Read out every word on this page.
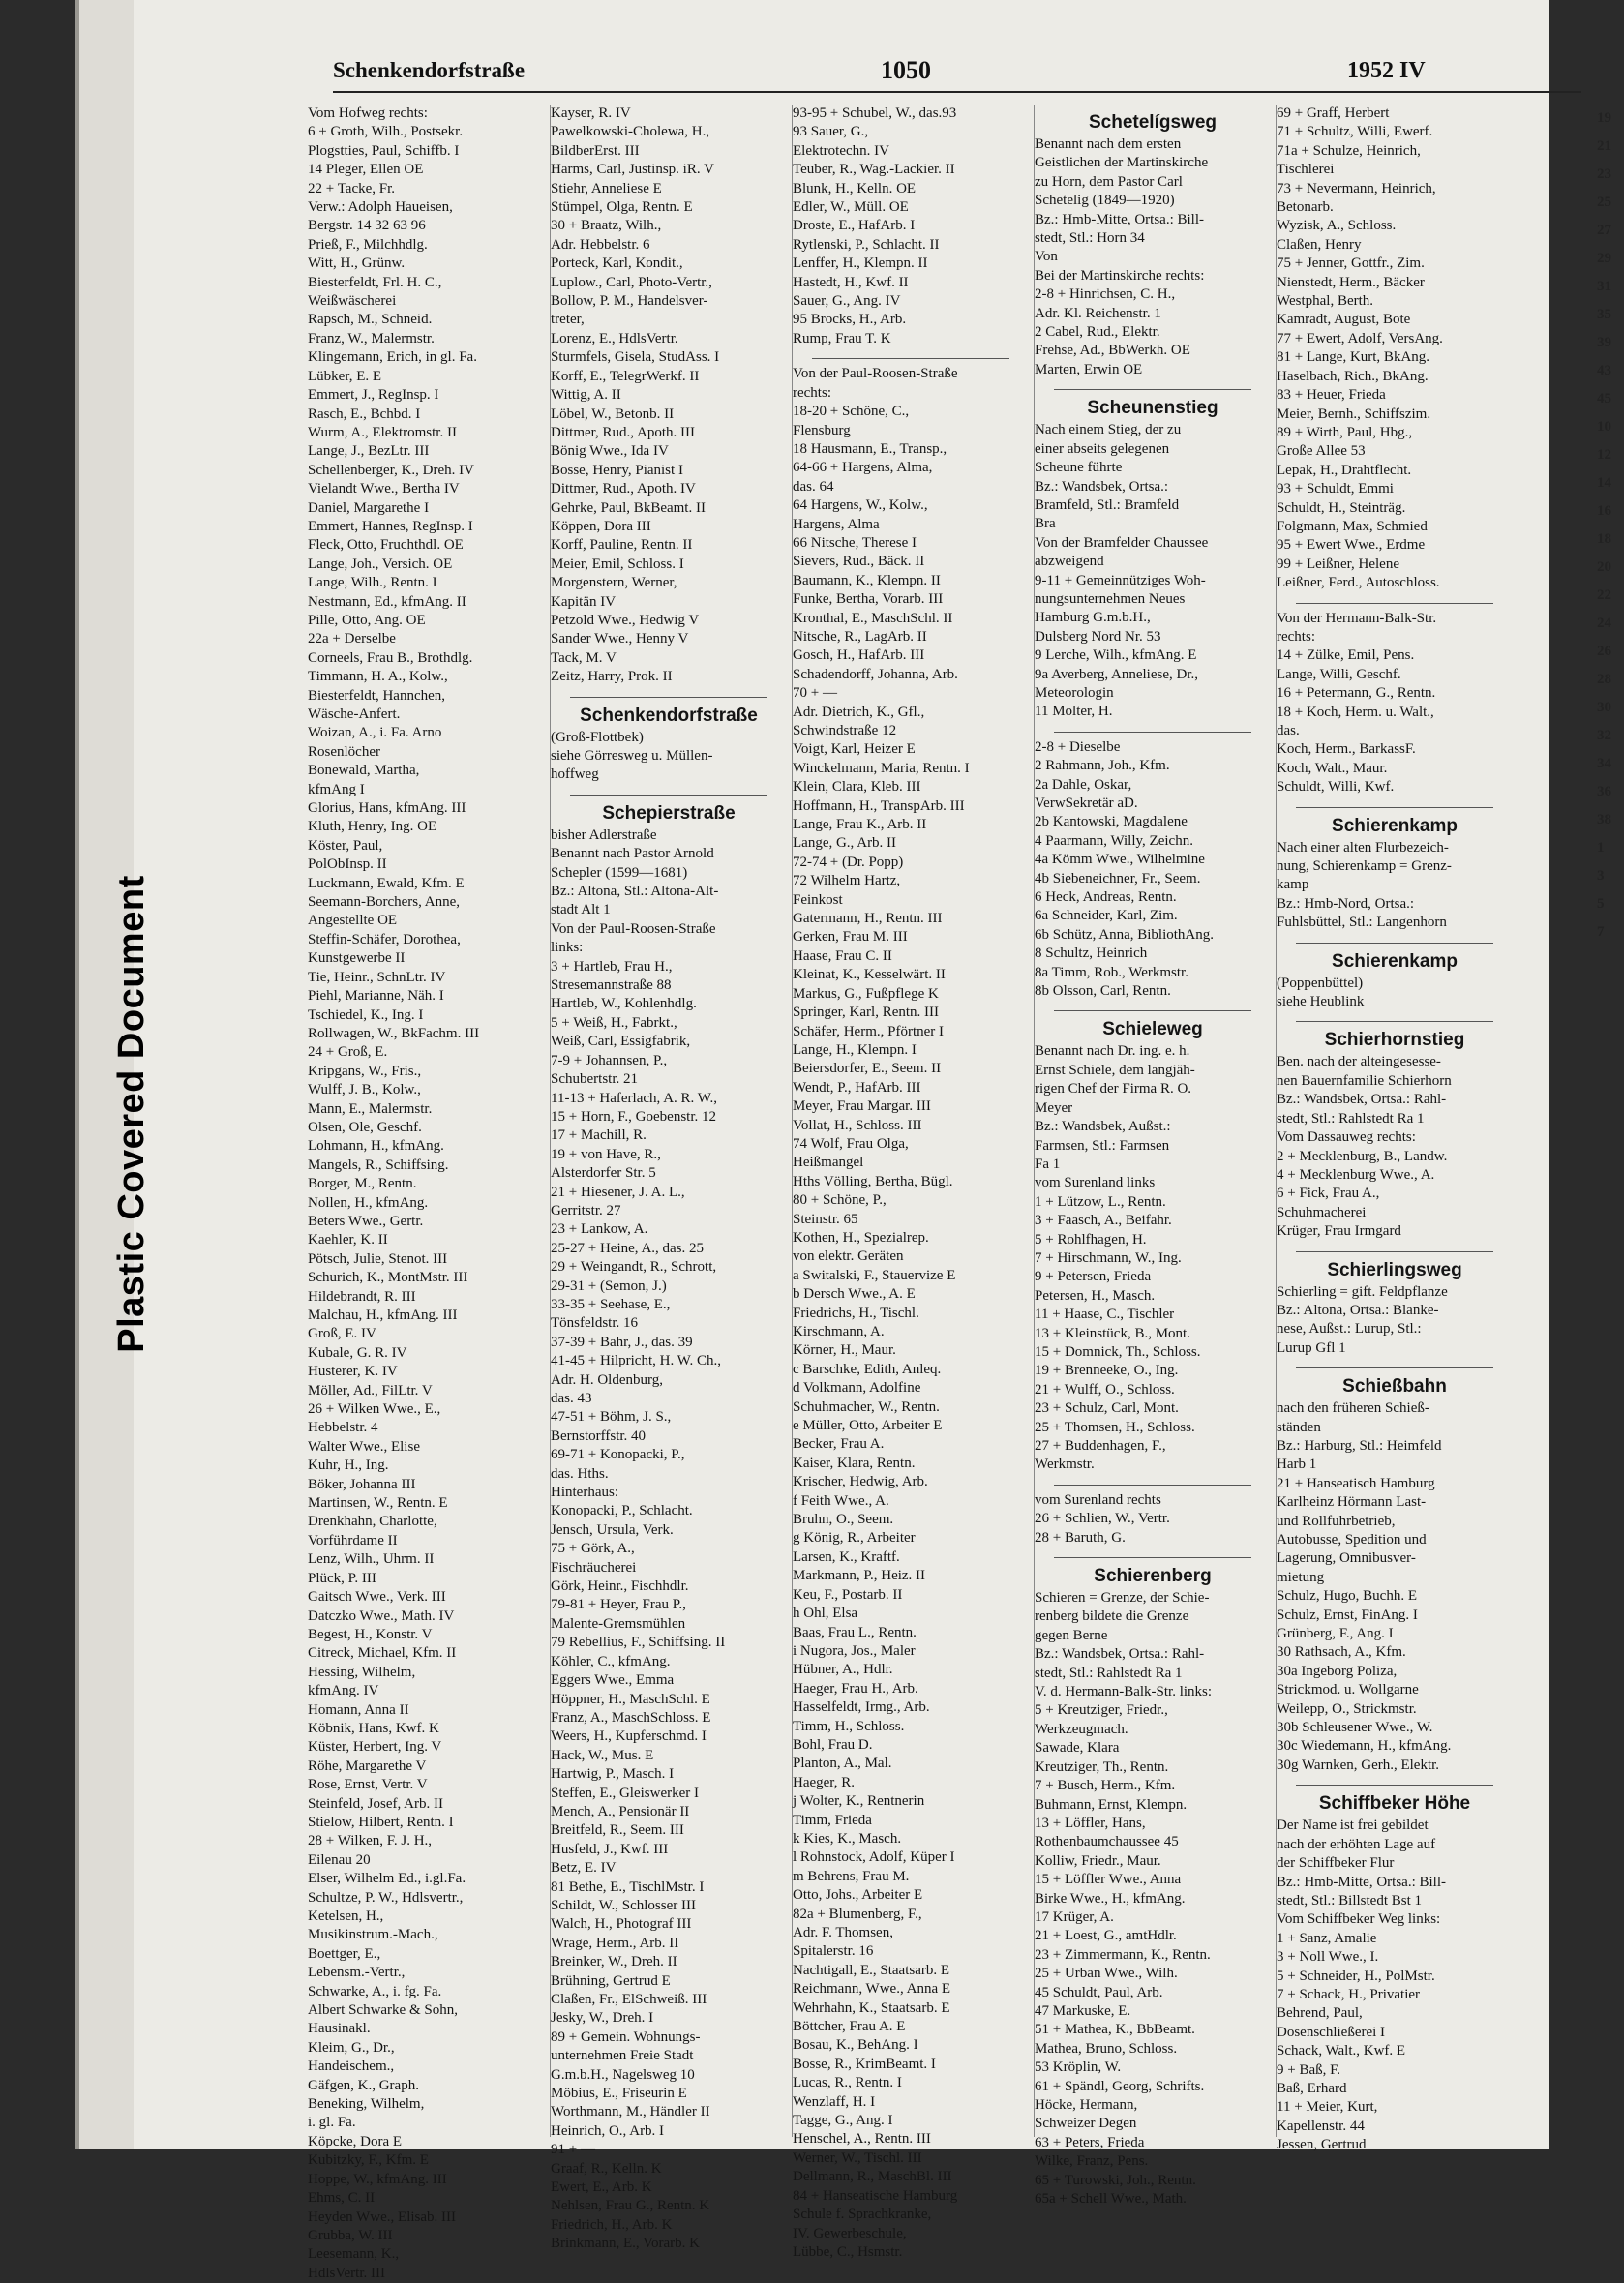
Plastic Covered Document
Schenkendorfstraße	1050	1952 IV
Vom Hofweg rechts:
6 + Groth, Wilh., Postsekr.
Plogstties, Paul, Schiffb. I
14 Pleger, Ellen OE
22 + Tacke, Fr.
Verw.: Adolph Haueisen,
Bergstr. 14 32 63 96
Prieß, F., Milchhdlg.
Witt, H., Grünw.
Biesterfeldt, Frl. H. C.,
Weißwäscherei
Rapsch, M., Schneid.
Franz, W., Malermstr.
Klingemann, Erich, in gl. Fa.
Lübker, E. E
Emmert, J., RegInsp. I
Rasch, E., Bchbd. I
Wurm, A., Elektromstr. II
Lange, J., BezLtr. III
Schellenberger, K., Dreh. IV
Vielandt Wwe., Bertha IV
Daniel, Margarethe I
Emmert, Hannes, RegInsp. I
Fleck, Otto, Fruchthdl. OE
Lange, Joh., Versich. OE
Lange, Wilh., Rentn. I
Nestmann, Ed., kfmAng. II
Pille, Otto, Ang. OE
22a + Derselbe
Corneels, Frau B., Brothdlg.
Timmann, H. A., Kolw.,
Biesterfeldt, Hannchen,
Wäsche-Anfert.
Woizan, A., i. Fa. Arno
Rosenlöcher
Bonewald, Martha,
kfmAng I
Glorius, Hans, kfmAng. III
Kluth, Henry, Ing. OE
Köster, Paul,
PolObInsp. II
Luckmann, Ewald, Kfm. E
Seemann-Borchers, Anne,
Angestellte OE
Steffin-Schäfer, Dorothea,
Kunstgewerbe II
Tie, Heinr., SchnLtr. IV
Piehl, Marianne, Näh. I
Tschiedel, K., Ing. I
Rollwagen, W., BkFachm. III
24 + Groß, E.
Kripgans, W., Fris.,
Wulff, J. B., Kolw.,
Mann, E., Malermstr.
Olsen, Ole, Geschf.
Lohmann, H., kfmAng.
Mangels, R., Schiffsing.
Borger, M., Rentn.
Nollen, H., kfmAng.
Beters Wwe., Gertr.
Kaehler, K. II
Pötsch, Julie, Stenot. III
Schurich, K., MontMstr. III
Hildebrandt, R. III
Malchau, H., kfmAng. III
Groß, E. IV
Kubale, G. R. IV
Husterer, K. IV
Möller, Ad., FilLtr. V
26 + Wilken Wwe., E.,
Hebbelstr. 4
Walter Wwe., Elise
Kuhr, H., Ing.
Böker, Johanna III
Martinsen, W., Rentn. E
Drenkhahn, Charlotte,
Vorführdame II
Lenz, Wilh., Uhrm. II
Plück, P. III
Gaitsch Wwe., Verk. III
Datczko Wwe., Math. IV
Begest, H., Konstr. V
Citreck, Michael, Kfm. II
Hessing, Wilhelm,
kfmAng. IV
Homann, Anna II
Köbnik, Hans, Kwf. K
Küster, Herbert, Ing. V
Röhe, Margarethe V
Rose, Ernst, Vertr. V
Steinfeld, Josef, Arb. II
Stielow, Hilbert, Rentn. I
28 + Wilken, F. J. H.,
Eilenau 20
Elser, Wilhelm Ed., i.gl.Fa.
Schultze, P. W., Hdlsvertr.,
Ketelsen, H.,
Musikinstrum.-Mach.,
Boettger, E.,
Lebensm.-Vertr.,
Schwarke, A., i. fg. Fa.
Albert Schwarke & Sohn,
Hausinakl.
Kleim, G., Dr.,
Handeischem.,
Gäfgen, K., Graph.
Beneking, Wilhelm,
i. gl. Fa.
Köpcke, Dora E
Kubitzky, F., Kfm. E
Hoppe, W., kfmAng. III
Ehms, C. II
Heyden Wwe., Elisab. III
Grubba, W. III
Leesemann, K.,
HdlsVertr. III
Kayser, R. IV
Pawelkowski-Cholewa, H.,
BildberErst. III
Harms, Carl, Justinsp. iR. V
Stiehr, Anneliese E
Stümpel, Olga, Rentn. E
30 + Braatz, Wilh.,
Adr. Hebbelstr. 6
Porteck, Karl, Kondit.,
Luplow., Carl, Photo-Vertr.,
Bollow, P. M., Handelsver-
treter,
Lorenz, E., HdlsVertr.
Sturmfels, Gisela, StudAss. I
Korff, E., TelegrWerkf. II
Wittig, A. II
Löbel, W., Betonb. II
Dittmer, Rud., Apoth. III
Bönig Wwe., Ida IV
Bosse, Henry, Pianist I
Dittmer, Rud., Apoth. IV
Gehrke, Paul, BkBeamt. II
Köppen, Dora III
Korff, Pauline, Rentn. II
Meier, Emil, Schloss. I
Morgenstern, Werner,
Kapitän IV
Petzold Wwe., Hedwig V
Sander Wwe., Henny V
Tack, M. V
Zeitz, Harry, Prok. II
Schenkendorfstraße
(Groß-Flottbek)
siehe Görresweg u. Müllen-
hoffweg
Schepierstraße
bisher Adlerstraße
Benannt nach Pastor Arnold
Schepler (1599—1681)
Bz.: Altona, Stl.: Altona-Alt-
stadt Alt 1
Von der Paul-Roosen-Straße
links:
3 + Hartleb, Frau H.,
Stresemannstraße 88
Hartleb, W., Kohlenhdlg.
5 + Weiß, H., Fabrkt.,
Weiß, Carl, Essigfabrik,
7-9 + Johannsen, P.,
Schubertstr. 21
11-13 + Haferlach, A. R. W.,
15 + Horn, F., Goebenstr. 12
17 + Machill, R.
19 + von Have, R.,
Alsterdorfer Str. 5
21 + Hiesener, J. A. L.,
Gerritstr. 27
23 + Lankow, A.
25-27 + Heine, A., das. 25
29 + Weingandt, R., Schrott,
29-31 + (Semon, J.)
33-35 + Seehase, E.,
Tönsfeldstr. 16
37-39 + Bahr, J., das. 39
41-45 + Hilpricht, H. W. Ch.,
Adr. H. Oldenburg,
das. 43
47-51 + Böhm, J. S.,
Bernstorffstr. 40
69-71 + Konopacki, P.,
das. Hths.
Hinterhaus:
Konopacki, P., Schlacht.
Jensch, Ursula, Verk.
75 + Görk, A.,
Fischräucherei
Görk, Heinr., Fischhdlr.
79-81 + Heyer, Frau P.,
Malente-Gremsmühlen
79 Rebellius, F., Schiffsing. II
Köhler, C., kfmAng.
Eggers Wwe., Emma
Höppner, H., MaschSchl. E
Franz, A., MaschSchloss. E
Weers, H., Kupferschmd. I
Hack, W., Mus. E
Hartwig, P., Masch. I
Steffen, E., Gleiswerker I
Mench, A., Pensionär II
Breitfeld, R., Seem. III
Husfeld, J., Kwf. III
Betz, E. IV
81 Bethe, E., TischlMstr. I
Schildt, W., Schlosser III
Walch, H., Photograf III
Wrage, Herm., Arb. II
Breinker, W., Dreh. II
Brühning, Gertrud E
Claßen, Fr., ElSchweiß. III
Jesky, W., Dreh. I
89 + Gemein. Wohnungs-
unternehmen Freie Stadt
G.m.b.H., Nagelsweg 10
Möbius, E., Friseurin E
Worthmann, M., Händler II
Heinrich, O., Arb. I
91 + —
Graaf, R., Kelln. K
Ewert, E., Arb. K
Nehlsen, Frau G., Rentn. K
Friedrich, H., Arb. K
Brinkmann, E., Vorarb. K
93-95 + Schubel, W., das.93
93 Sauer, G.,
Elektrotechn. IV
Teuber, R., Wag.-Lackier. II
Blunk, H., Kelln. OE
Edler, W., Müll. OE
Droste, E., HafArb. I
Rytlenski, P., Schlacht. II
Lenffer, H., Klempn. II
Hastedt, H., Kwf. II
Sauer, G., Ang. IV
95 Brocks, H., Arb.
Rump, Frau T. K
Von der Paul-Roosen-Straße
rechts:
18-20 + Schöne, C.,
Flensburg
18 Hausmann, E., Transp.,
64-66 + Hargens, Alma,
das. 64
64 Hargens, W., Kolw.,
Hargens, Alma
66 Nitsche, Therese I
Sievers, Rud., Bäck. II
Baumann, K., Klempn. II
Funke, Bertha, Vorarb. III
Kronthal, E., MaschSchl. II
Nitsche, R., LagArb. II
Gosch, H., HafArb. III
Schadendorff, Johanna, Arb.
70 + —
Adr. Dietrich, K., Gfl.,
Schwindstraße 12
Voigt, Karl, Heizer E
Winckelmann, Maria, Rentn. I
Klein, Clara, Kleb. III
Hoffmann, H., TranspArb. III
Lange, Frau K., Arb. II
Lange, G., Arb. II
72-74 + (Dr. Popp)
72 Wilhelm Hartz,
Feinkost
Gatermann, H., Rentn. III
Gerken, Frau M. III
Haase, Frau C. II
Kleinat, K., Kesselwärt. II
Markus, G., Fußpflege K
Springer, Karl, Rentn. III
Schäfer, Herm., Pförtner I
Lange, H., Klempn. I
Beiersdorfer, E., Seem. II
Wendt, P., HafArb. III
Meyer, Frau Margar. III
Vollat, H., Schloss. III
74 Wolf, Frau Olga,
Heißmangel
Hths Völling, Bertha, Bügl.
80 + Schöne, P.,
Steinstr. 65
Kothen, H., Spezialrep.
von elektr. Geräten
a Switalski, F., Stauervize E
b Dersch Wwe., A. E
Friedrichs, H., Tischl.
Kirschmann, A.
Körner, H., Maur.
c Barschke, Edith, Anleq.
d Volkmann, Adolfine
Schuhmacher, W., Rentn.
e Müller, Otto, Arbeiter E
Becker, Frau A.
Kaiser, Klara, Rentn.
Krischer, Hedwig, Arb.
f Feith Wwe., A.
Bruhn, O., Seem.
g König, R., Arbeiter
Larsen, K., Kraftf.
Markmann, P., Heiz. II
Keu, F., Postarb. II
h Ohl, Elsa
Baas, Frau L., Rentn.
i Nugora, Jos., Maler
Hübner, A., Hdlr.
Haeger, Frau H., Arb.
Hasselfeldt, Irmg., Arb.
Timm, H., Schloss.
Bohl, Frau D.
Planton, A., Mal.
Haeger, R.
j Wolter, K., Rentnerin
Timm, Frieda
k Kies, K., Masch.
l Rohnstock, Adolf, Küper I
m Behrens, Frau M.
Otto, Johs., Arbeiter E
82a + Blumenberg, F.,
Adr. F. Thomsen,
Spitalerstr. 16
Nachtigall, E., Staatsarb. E
Reichmann, Wwe., Anna E
Wehrhahn, K., Staatsarb. E
Böttcher, Frau A. E
Bosau, K., BehAng. I
Bosse, R., KrimBeamt. I
Lucas, R., Rentn. I
Wenzlaff, H. I
Tagge, G., Ang. I
Henschel, A., Rentn. III
Werner, W., Tischl. III
Dellmann, R., MaschBl. III
84 + Hanseatische Hamburg
Schule f. Sprachkranke,
IV. Gewerbeschule,
Lübbe, C., Hsmstr.
Schetelígsweg
Benannt nach dem ersten
Geistlichen der Martinskirche
zu Horn, dem Pastor Carl
Schetelig (1849—1920)
Bz.: Hmb-Mitte, Ortsa.: Bill-
stedt, Stl.: Horn 34
Von
Bei der Martinskirche rechts:
2-8 + Hinrichsen, C. H.,
Adr. Kl. Reichenstr. 1
2 Cabel, Rud., Elektr.
Frehse, Ad., BbWerkh. OE
Marten, Erwin OE
Scheunenstieg
Nach einem Stieg, der zu
einer abseits gelegenen
Scheune führte
Bz.: Wandsbek, Ortsa.:
Bramfeld, Stl.: Bramfeld
Bra
Von der Bramfelder Chaussee
abzweigend
9-11 + Gemeinnütziges Woh-
nungsunternehmen Neues
Hamburg G.m.b.H.,
Dulsberg Nord Nr. 53
9 Lerche, Wilh., kfmAng. E
9a Averberg, Anneliese, Dr.,
Meteorologin
11 Molter, H.
2-8 + Dieselbe
2 Rahmann, Joh., Kfm.
2a Dahle, Oskar,
VerwSekretär aD.
2b Kantowski, Magdalene
4 Paarmann, Willy, Zeichn.
4a Kömm Wwe., Wilhelmine
4b Siebeneichner, Fr., Seem.
6 Heck, Andreas, Rentn.
6a Schneider, Karl, Zim.
6b Schütz, Anna, BibliothAng.
8 Schultz, Heinrich
8a Timm, Rob., Werkmstr.
8b Olsson, Carl, Rentn.
Schieleweg
Benannt nach Dr. ing. e. h.
Ernst Schiele, dem langjäh-
rigen Chef der Firma R. O.
Meyer
Bz.: Wandsbek, Außst.:
Farmsen, Stl.: Farmsen
Fa 1
vom Surenland links
1 + Lützow, L., Rentn.
3 + Faasch, A., Beifahr.
5 + Rohlfhagen, H.
7 + Hirschmann, W., Ing.
9 + Petersen, Frieda
Petersen, H., Masch.
11 + Haase, C., Tischler
13 + Kleinstück, B., Mont.
15 + Domnick, Th., Schloss.
19 + Brenneeke, O., Ing.
21 + Wulff, O., Schloss.
23 + Schulz, Carl, Mont.
25 + Thomsen, H., Schloss.
27 + Buddenhagen, F.,
Werkmstr.
vom Surenland rechts
26 + Schlien, W., Vertr.
28 + Baruth, G.
Schierenberg
Schieren = Grenze, der Schie-
renberg bildete die Grenze
gegen Berne
Bz.: Wandsbek, Ortsa.: Rahl-
stedt, Stl.: Rahlstedt Ra 1
V. d. Hermann-Balk-Str. links:
5 + Kreutziger, Friedr.,
Werkzeugmach.
Sawade, Klara
Kreutziger, Th., Rentn.
7 + Busch, Herm., Kfm.
Buhmann, Ernst, Klempn.
13 + Löffler, Hans,
Rothenbaumchaussee 45
Kolliw, Friedr., Maur.
15 + Löffler Wwe., Anna
Birke Wwe., H., kfmAng.
17 Krüger, A.
21 + Loest, G., amtHdlr.
23 + Zimmermann, K., Rentn.
25 + Urban Wwe., Wilh.
45 Schuldt, Paul, Arb.
47 Markuske, E.
51 + Mathea, K., BbBeamt.
Mathea, Bruno, Schloss.
53 Kröplin, W.
61 + Spändl, Georg, Schrifts.
Höcke, Hermann,
Schweizer Degen
63 + Peters, Frieda
Wilke, Franz, Pens.
65 + Turowski, Joh., Rentn.
65a + Schell Wwe., Math.
69 + Graff, Herbert
71 + Schultz, Willi, Ewerf.
71a + Schulze, Heinrich,
Tischlerei
73 + Nevermann, Heinrich,
Betonarb.
Wyzisk, A., Schloss.
Claßen, Henry
75 + Jenner, Gottfr., Zim.
Nienstedt, Herm., Bäcker
Westphal, Berth.
Kamradt, August, Bote
77 + Ewert, Adolf, VersAng.
81 + Lange, Kurt, BkAng.
Haselbach, Rich., BkAng.
83 + Heuer, Frieda
Meier, Bernh., Schiffszim.
89 + Wirth, Paul, Hbg.,
Große Allee 53
Lepak, H., Drahtflecht.
93 + Schuldt, Emmi
Schuldt, H., Steinträg.
Folgmann, Max, Schmied
95 + Ewert Wwe., Erdme
99 + Leißner, Helene
Leißner, Ferd., Autoschloss.
Von der Hermann-Balk-Str.
rechts:
14 + Zülke, Emil, Pens.
Lange, Willi, Geschf.
16 + Petermann, G., Rentn.
18 + Koch, Herm. u. Walt.,
das.
Koch, Herm., BarkassF.
Koch, Walt., Maur.
Schuldt, Willi, Kwf.
Schierenkamp
Nach einer alten Flurbezeich-
nung, Schierenkamp = Grenz-
kamp
Bz.: Hmb-Nord, Ortsa.:
Fuhlsbüttel, Stl.: Langenhorn
Schierenkamp
(Poppenbüttel)
siehe Heublink
Schierhornstieg
Ben. nach der alteingesesse-
nen Bauernfamilie Schierhorn
Bz.: Wandsbek, Ortsa.: Rahl-
stedt, Stl.: Rahlstedt Ra 1
Vom Dassauweg rechts:
2 + Mecklenburg, B., Landw.
4 + Mecklenburg Wwe., A.
6 + Fick, Frau A.,
Schuhmacherei
Krüger, Frau Irmgard
Schierlingsweg
Schierling = gift. Feldpflanze
Bz.: Altona, Ortsa.: Blanke-
nese, Außst.: Lurup, Stl.:
Lurup Gfl 1
Schießbahn
nach den früheren Schieß-
ständen
Bz.: Harburg, Stl.: Heimfeld
Harb 1
21 + Hanseatisch Hamburg
Karlheinz Hörmann Last-
und Rollfuhrbetrieb,
Autobusse, Spedition und
Lagerung, Omnibusver-
mietung
Schulz, Hugo, Buchh. E
Schulz, Ernst, FinAng. I
Grünberg, F., Ang. I
30 Rathsach, A., Kfm.
30a Ingeborg Poliza,
Strickmod. u. Wollgarne
Weilepp, O., Strickmstr.
30b Schleusener Wwe., W.
30c Wiedemann, H., kfmAng.
30g Warnken, Gerh., Elektr.
Schiffbeker Höhe
Der Name ist frei gebildet
nach der erhöhten Lage auf
der Schiffbeker Flur
Bz.: Hmb-Mitte, Ortsa.: Bill-
stedt, Stl.: Billstedt Bst 1
Vom Schiffbeker Weg links:
1 + Sanz, Amalie
3 + Noll Wwe., I.
5 + Schneider, H., PolMstr.
7 + Schack, H., Privatier
Behrend, Paul,
Dosenschließerei I
Schack, Walt., Kwf. E
9 + Baß, F.
Baß, Erhard
11 + Meier, Kurt,
Kapellenstr. 44
Jessen, Gertrud
19
21
23
25
27
29
31
35
39
43
45
10
12
14
16
18
20
22
24
26
28
30
32
34
36
38
1
3
5
7
